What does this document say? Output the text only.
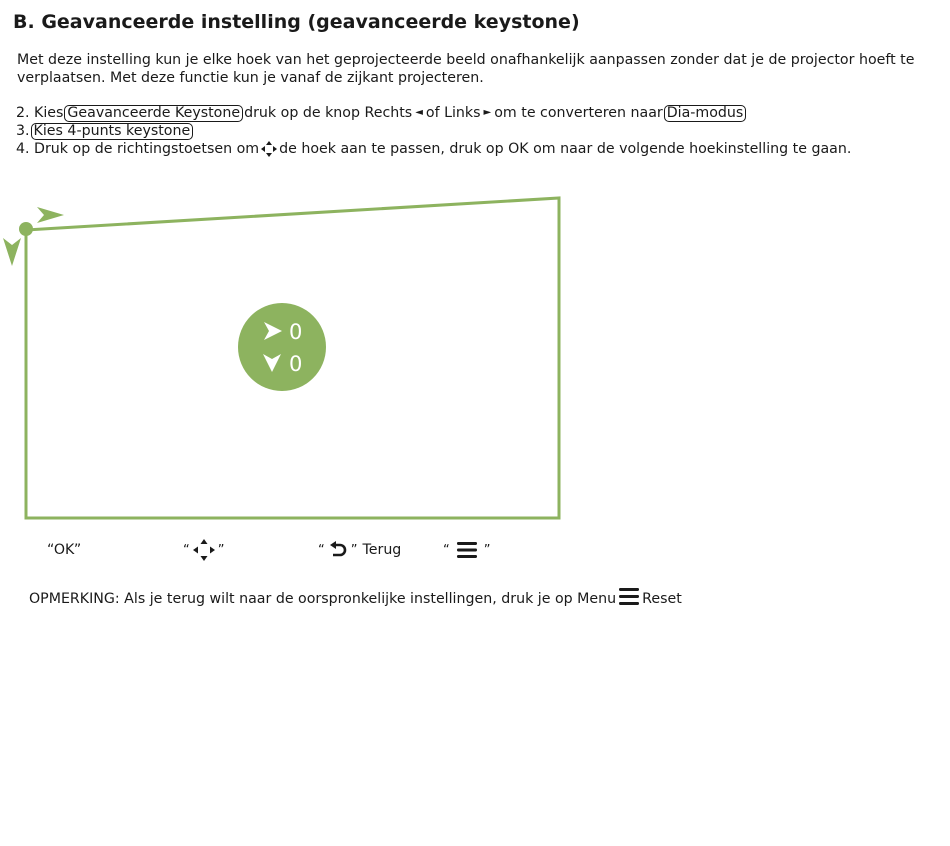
B. Geavanceerde instelling (geavanceerde keystone)

Met deze instelling kun je elke hoek van het geprojecteerde beeld onafhankelijk aanpassen zonder dat je de projector hoeft te verplaatsen. Met deze functie kun je vanaf de zijkant projecteren.

2. Kies Geavanceerde Keystone druk op de knop Rechts ◄ of Links ► om te converteren naar Dia-modus
3. Kies 4-punts keystone
4. Druk op de richtingstoetsen om de hoek aan te passen, druk op OK om naar de volgende hoekinstelling te gaan.
0
0
“OK”	“ ”	“ ” Terug	“	”
OPMERKING: Als je terug wilt naar de oorspronkelijke instellingen, druk je op Menu Reset
